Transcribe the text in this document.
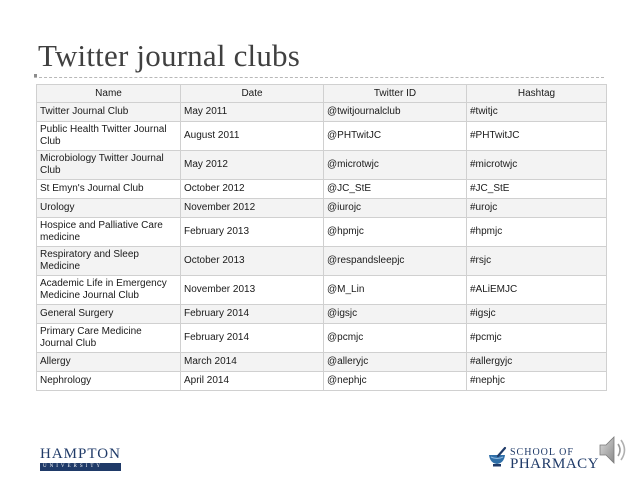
Twitter journal clubs
Name	Date	Twitter ID	Hashtag
Twitter Journal Club	May 2011	@twitjournalclub	#twitjc
Public Health Twitter Journal Club	August 2011	@PHTwitJC	#PHTwitJC
Microbiology Twitter Journal Club	May 2012	@microtwjc	#microtwjc
St Emyn's Journal Club	October 2012	@JC_StE	#JC_StE
Urology	November 2012	@iurojc	#urojc
Hospice and Palliative Care medicine	February 2013	@hpmjc	#hpmjc
Respiratory and Sleep Medicine	October 2013	@respandsleepjc	#rsjc
Academic Life in Emergency Medicine Journal Club	November 2013	@M_Lin	#ALiEMJC
General Surgery	February 2014	@igsjc	#igsjc
Primary Care Medicine Journal Club	February 2014	@pcmjc	#pcmjc
Allergy	March 2014	@alleryjc	#allergyjc
Nephrology	April 2014	@nephjc	#nephjc
HAMPTON
UNIVERSITY
SCHOOL OF
PHARMACY
